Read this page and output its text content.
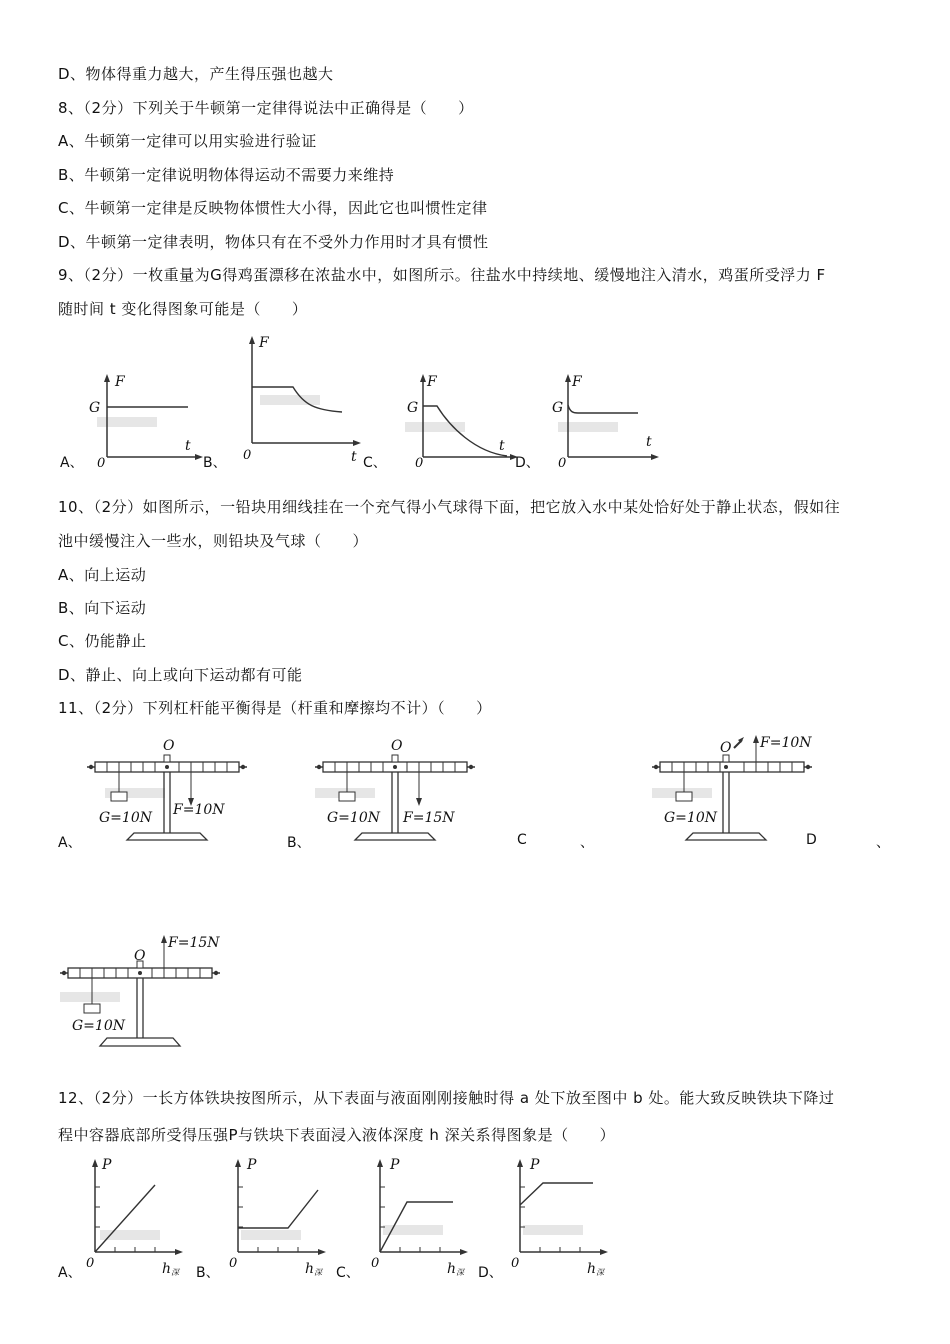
D、物体得重力越大，产生得压强也越大
8、（2分）下列关于牛顿第一定律得说法中正确得是（　　）
A、牛顿第一定律可以用实验进行验证
B、牛顿第一定律说明物体得运动不需要力来维持
C、牛顿第一定律是反映物体惯性大小得，因此它也叫惯性定律
D、牛顿第一定律表明，物体只有在不受外力作用时才具有惯性
9、（2分）一枚重量为G得鸡蛋漂移在浓盐水中，如图所示。往盐水中持续地、缓慢地注入清水，鸡蛋所受浮力 F
随时间 t 变化得图象可能是（　　）
F
t
G
0
A、
F
t
0
B、
F
t
G
0
C、
F
t
G
0
D、
10、（2分）如图所示，一铅块用细线挂在一个充气得小气球得下面，把它放入水中某处恰好处于静止状态，假如往
池中缓慢注入一些水，则铅块及气球（　　）
A、向上运动
B、向下运动
C、仍能静止
D、静止、向上或向下运动都有可能
11、（2分）下列杠杆能平衡得是（杆重和摩擦均不计）（　　）
O
G=10N F=10N
A、
O
G=10N F=15N
B、	C	、
O
G=10N
F=10N
D	、
O
G=10N
F=15N
12、（2分）一长方体铁块按图所示，从下表面与液面刚刚接触时得 a 处下放至图中 b 处。能大致反映铁块下降过
程中容器底部所受得压强P与铁块下表面浸入液体深度 h 深关系得图象是（　　）
P
0	h 深
A、
P
0	h 深
B、
P
0	h 深
C、
P
0	h 深
D、
